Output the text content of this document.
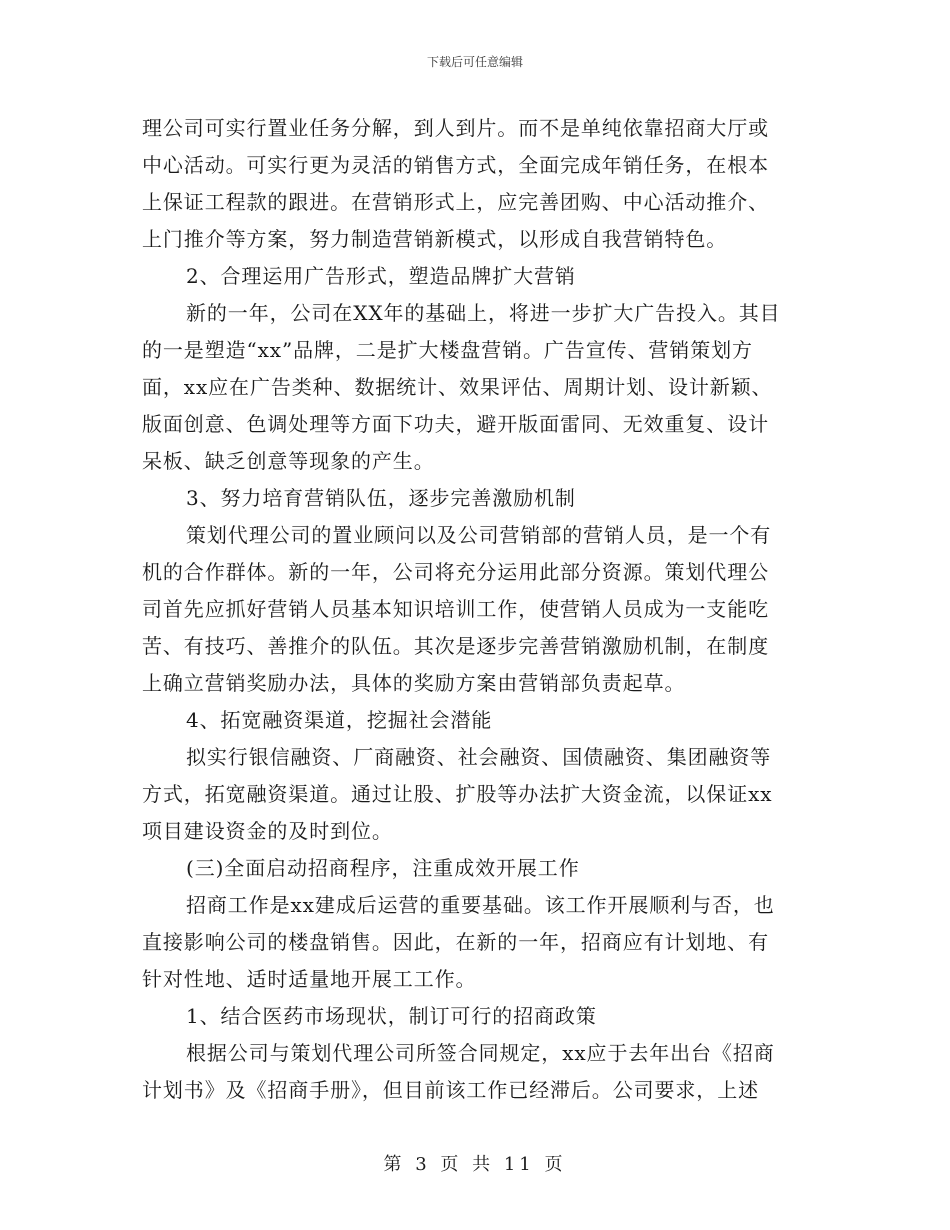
下载后可任意编辑
理公司可实行置业任务分解，到人到片。而不是单纯依靠招商大厅或
中心活动。可实行更为灵活的销售方式，全面完成年销任务，在根本
上保证工程款的跟进。在营销形式上，应完善团购、中心活动推介、
上门推介等方案，努力制造营销新模式，以形成自我营销特色。
2、合理运用广告形式，塑造品牌扩大营销
新的一年，公司在XX年的基础上，将进一步扩大广告投入。其目
的一是塑造“xx”品牌，二是扩大楼盘营销。广告宣传、营销策划方
面，xx应在广告类种、数据统计、效果评估、周期计划、设计新颖、
版面创意、色调处理等方面下功夫，避开版面雷同、无效重复、设计
呆板、缺乏创意等现象的产生。
3、努力培育营销队伍，逐步完善激励机制
策划代理公司的置业顾问以及公司营销部的营销人员，是一个有
机的合作群体。新的一年，公司将充分运用此部分资源。策划代理公
司首先应抓好营销人员基本知识培训工作，使营销人员成为一支能吃
苦、有技巧、善推介的队伍。其次是逐步完善营销激励机制，在制度
上确立营销奖励办法，具体的奖励方案由营销部负责起草。
4、拓宽融资渠道，挖掘社会潜能
拟实行银信融资、厂商融资、社会融资、国债融资、集团融资等
方式，拓宽融资渠道。通过让股、扩股等办法扩大资金流，以保证xx
项目建设资金的及时到位。
(三)全面启动招商程序，注重成效开展工作
招商工作是xx建成后运营的重要基础。该工作开展顺利与否，也
直接影响公司的楼盘销售。因此，在新的一年，招商应有计划地、有
针对性地、适时适量地开展工工作。
1、结合医药市场现状，制订可行的招商政策
根据公司与策划代理公司所签合同规定，xx应于去年出台《招商
计划书》及《招商手册》，但目前该工作已经滞后。公司要求，上述
第 3 页 共 11 页
